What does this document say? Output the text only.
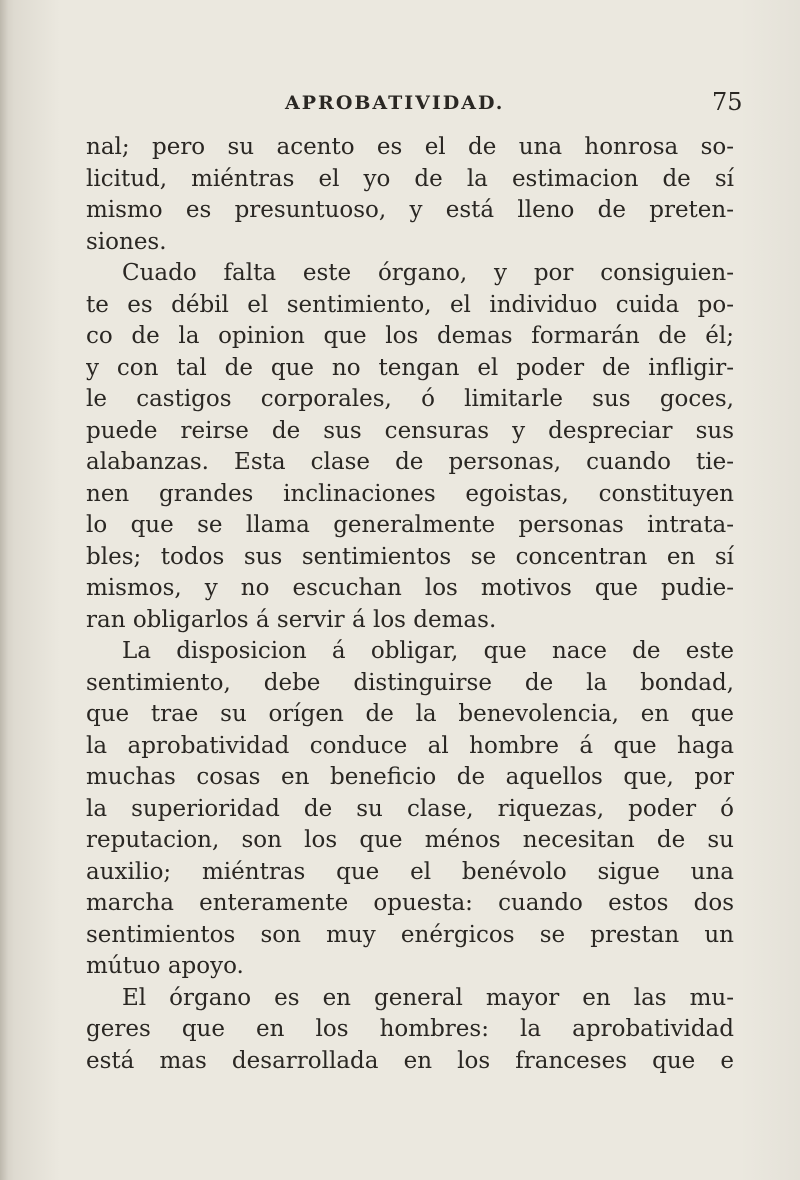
APROBATIVIDAD.	75
nal; pero su acento es el de una honrosa so-
licitud, miéntras el yo de la estimacion de sí
mismo es presuntuoso, y está lleno de preten-
siones.
Cuado falta este órgano, y por consiguien-
te es débil el sentimiento, el individuo cuida po-
co de la opinion que los demas formarán de él;
y con tal de que no tengan el poder de infligir-
le castigos corporales, ó limitarle sus goces,
puede reirse de sus censuras y despreciar sus
alabanzas. Esta clase de personas, cuando tie-
nen grandes inclinaciones egoistas, constituyen
lo que se llama generalmente personas intrata-
bles; todos sus sentimientos se concentran en sí
mismos, y no escuchan los motivos que pudie-
ran obligarlos á servir á los demas.
La disposicion á obligar, que nace de este
sentimiento, debe distinguirse de la bondad,
que trae su orígen de la benevolencia, en que
la aprobatividad conduce al hombre á que haga
muchas cosas en beneficio de aquellos que, por
la superioridad de su clase, riquezas, poder ó
reputacion, son los que ménos necesitan de su
auxilio; miéntras que el benévolo sigue una
marcha enteramente opuesta: cuando estos dos
sentimientos son muy enérgicos se prestan un
mútuo apoyo.
El órgano es en general mayor en las mu-
geres que en los hombres: la aprobatividad
está mas desarrollada en los franceses que e
